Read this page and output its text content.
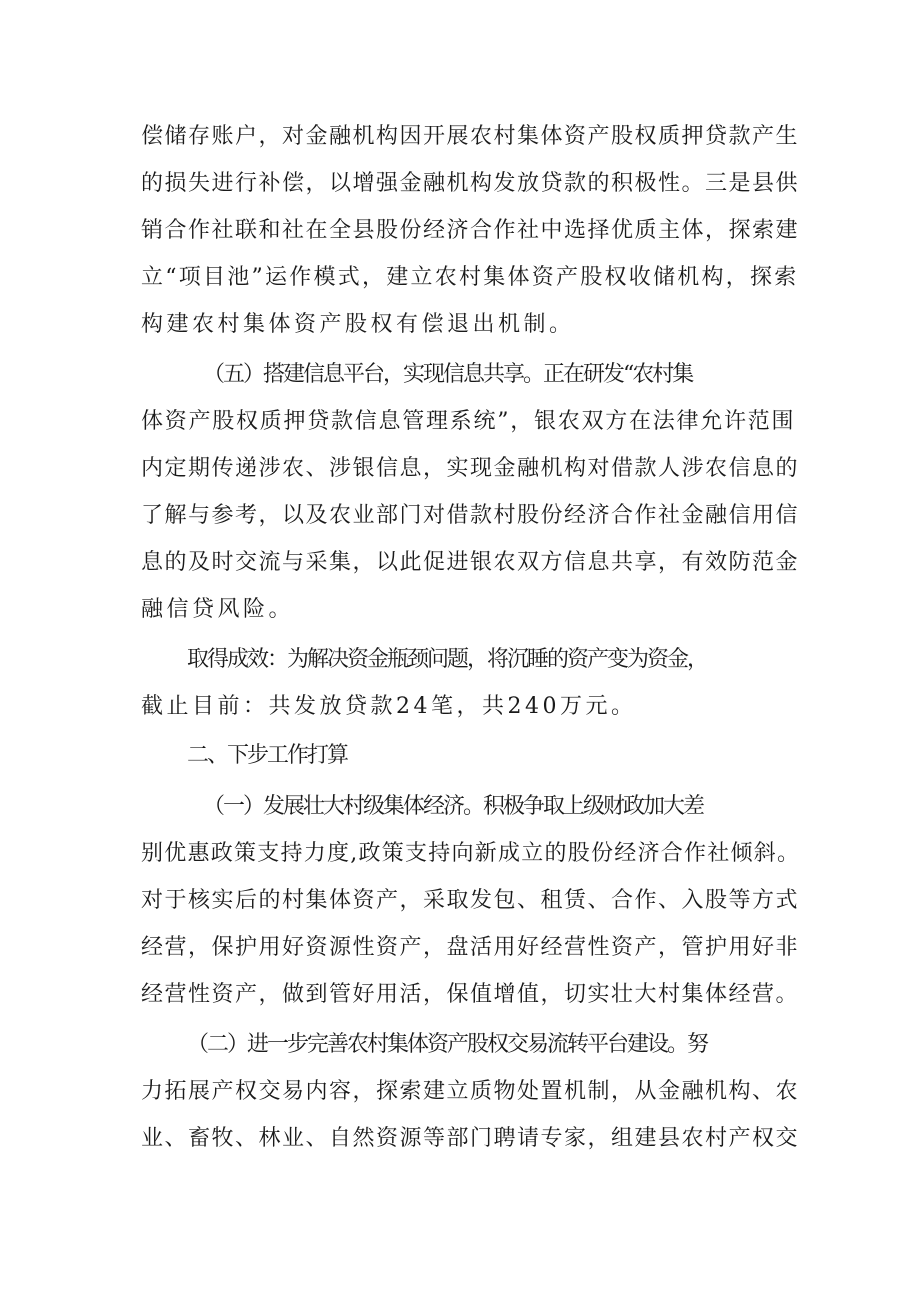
偿储存账户，对金融机构因开展农村集体资产股权质押贷款产生

的损失进行补偿，以增强金融机构发放贷款的积极性。三是县供

销合作社联和社在全县股份经济合作社中选择优质主体，探索建

立“项目池”运作模式，建立农村集体资产股权收储机构，探索

构建农村集体资产股权有偿退出机制。

（五）搭建信息平台，实现信息共享。正在研发“农村集

体资产股权质押贷款信息管理系统”，银农双方在法律允许范围

内定期传递涉农、涉银信息，实现金融机构对借款人涉农信息的

了解与参考，以及农业部门对借款村股份经济合作社金融信用信

息的及时交流与采集，以此促进银农双方信息共享，有效防范金

融信贷风险。

取得成效：为解决资金瓶颈问题，将沉睡的资产变为资金，

截止目前：共发放贷款24笔，共240万元。

二、下步工作打算

（一）发展壮大村级集体经济。积极争取上级财政加大差

别优惠政策支持力度,政策支持向新成立的股份经济合作社倾斜。

对于核实后的村集体资产，采取发包、租赁、合作、入股等方式

经营，保护用好资源性资产，盘活用好经营性资产，管护用好非

经营性资产，做到管好用活，保值增值，切实壮大村集体经营。

（二）进一步完善农村集体资产股权交易流转平台建设。努

力拓展产权交易内容，探索建立质物处置机制，从金融机构、农

业、畜牧、林业、自然资源等部门聘请专家，组建县农村产权交
